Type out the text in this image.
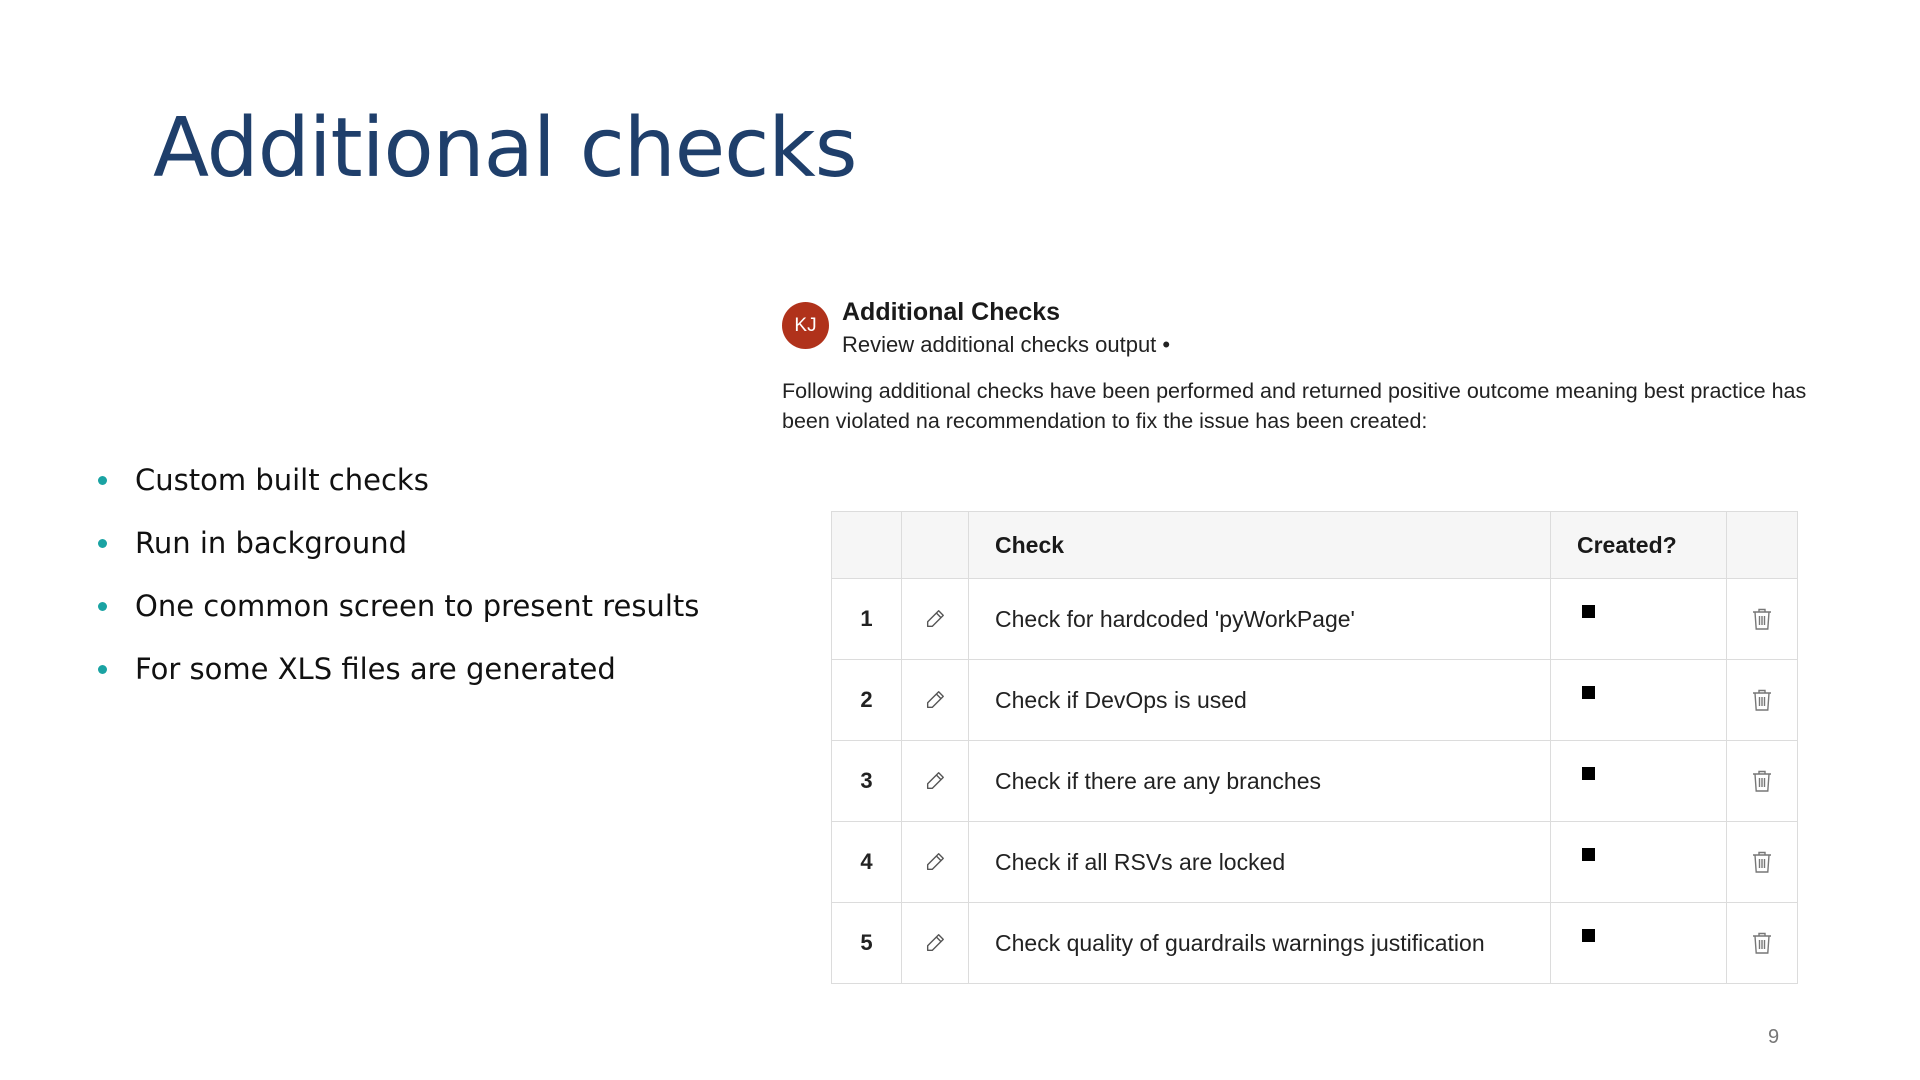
Additional checks
Custom built checks
Run in background
One common screen to present results
For some XLS files are generated
KJ	Additional Checks
Review additional checks output •
Following additional checks have been performed and returned positive outcome meaning best practice has been violated na recommendation to fix the issue has been created:
		Check	Created?	
1		Check for hardcoded 'pyWorkPage'		

2		Check if DevOps is used		

3		Check if there are any branches		

4		Check if all RSVs are locked		

5		Check quality of guardrails warnings justification		
9
